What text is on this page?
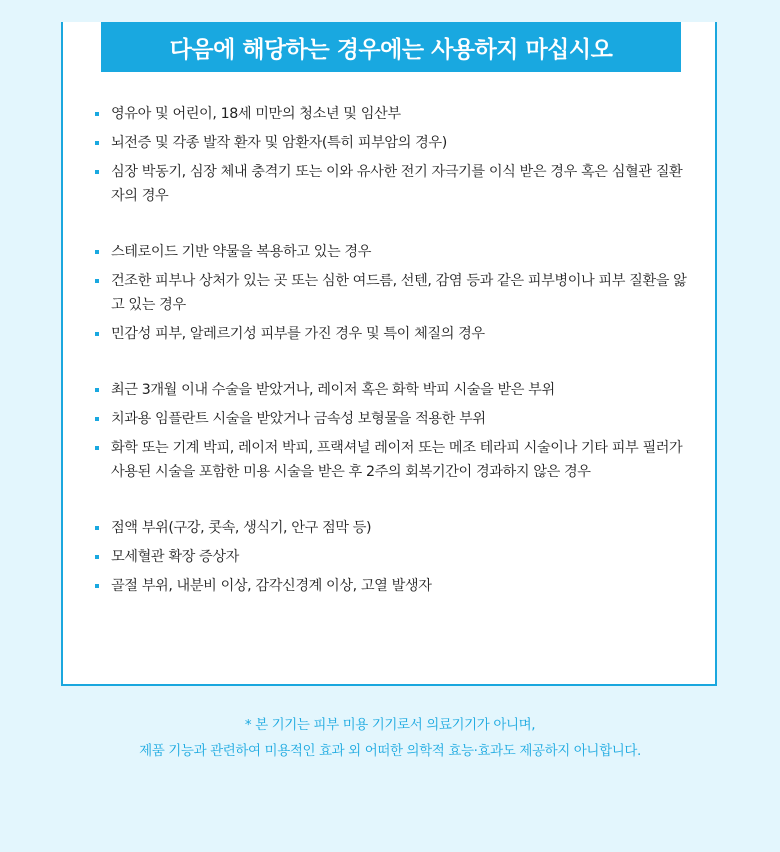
다음에 해당하는 경우에는 사용하지 마십시오
영유아 및 어린이, 18세 미만의 청소년 및 임산부
뇌전증 및 각종 발작 환자 및 암환자(특히 피부암의 경우)
심장 박동기, 심장 체내 충격기 또는 이와 유사한 전기 자극기를 이식 받은 경우 혹은 심혈관 질환자의 경우
스테로이드 기반 약물을 복용하고 있는 경우
건조한 피부나 상처가 있는 곳 또는 심한 여드름, 선텐, 감염 등과 같은 피부병이나 피부 질환을 앓고 있는 경우
민감성 피부, 알레르기성 피부를 가진 경우 및 특이 체질의 경우
최근 3개월 이내 수술을 받았거나, 레이저 혹은 화학 박피 시술을 받은 부위
치과용 임플란트 시술을 받았거나 금속성 보형물을 적용한 부위
화학 또는 기계 박피, 레이저 박피, 프랙셔널 레이저 또는 메조 테라피 시술이나 기타 피부 필러가 사용된 시술을 포함한 미용 시술을 받은 후 2주의 회복기간이 경과하지 않은 경우
점액 부위(구강, 콧속, 생식기, 안구 점막 등)
모세혈관 확장 증상자
골절 부위, 내분비 이상, 감각신경계 이상, 고열 발생자
* 본 기기는 피부 미용 기기로서 의료기기가 아니며,
제품 기능과 관련하여 미용적인 효과 외 어떠한 의학적 효능·효과도 제공하지 아니합니다.
